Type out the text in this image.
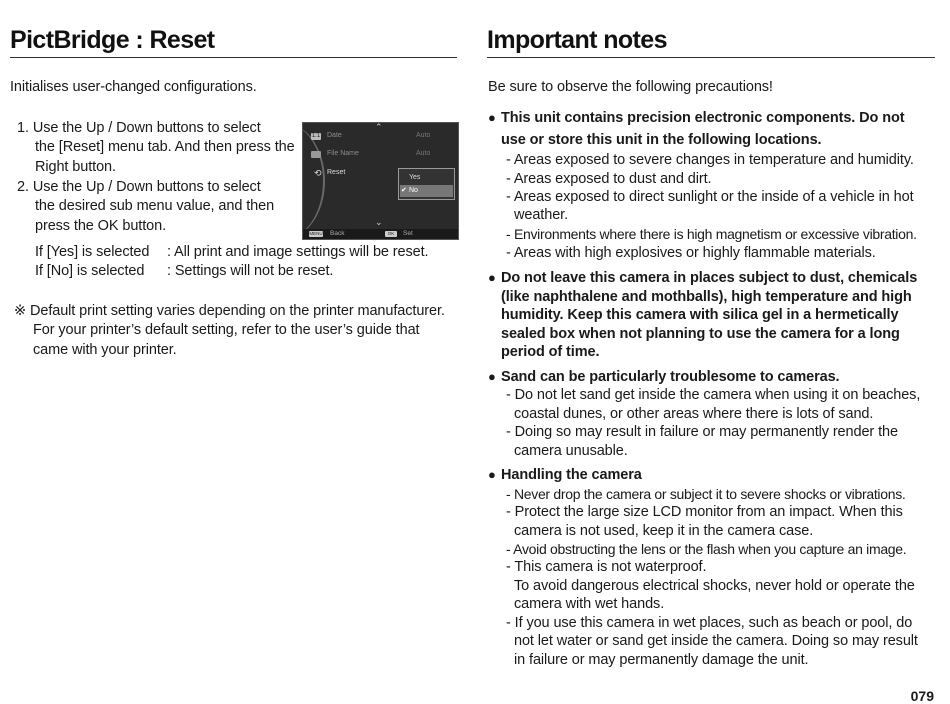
PictBridge : Reset
Initialises user-changed configurations.
1. Use the Up / Down buttons to select
the [Reset] menu tab. And then press the
Right button.
2. Use the Up / Down buttons to select
the desired sub menu value, and then
press the OK button.
If [Yes] is selected : All print and image settings will be reset.
If [No] is selected : Settings will not be reset.
※ Default print setting varies depending on the printer manufacturer.
For your printer’s default setting, refer to the user’s guide that
came with your printer.
⌃
1:1 Date	Auto
File Name	Auto
⟲ Reset
Yes
✔ No
⌄
MENU Back	OK	Set
Important notes
Be sure to observe the following precautions!
● This unit contains precision electronic components. Do not
use or store this unit in the following locations.
- Areas exposed to severe changes in temperature and humidity.
- Areas exposed to dust and dirt.
- Areas exposed to direct sunlight or the inside of a vehicle in hot
weather.
- Environments where there is high magnetism or excessive vibration.
- Areas with high explosives or highly flammable materials.
● Do not leave this camera in places subject to dust, chemicals
(like naphthalene and mothballs), high temperature and high
humidity. Keep this camera with silica gel in a hermetically
sealed box when not planning to use the camera for a long
period of time.
● Sand can be particularly troublesome to cameras.
- Do not let sand get inside the camera when using it on beaches,
coastal dunes, or other areas where there is lots of sand.
- Doing so may result in failure or may permanently render the
camera unusable.
● Handling the camera
- Never drop the camera or subject it to severe shocks or vibrations.
- Protect the large size LCD monitor from an impact. When this
camera is not used, keep it in the camera case.
- Avoid obstructing the lens or the flash when you capture an image.
- This camera is not waterproof.
To avoid dangerous electrical shocks, never hold or operate the
camera with wet hands.
- If you use this camera in wet places, such as beach or pool, do
not let water or sand get inside the camera. Doing so may result
in failure or may permanently damage the unit.
079
